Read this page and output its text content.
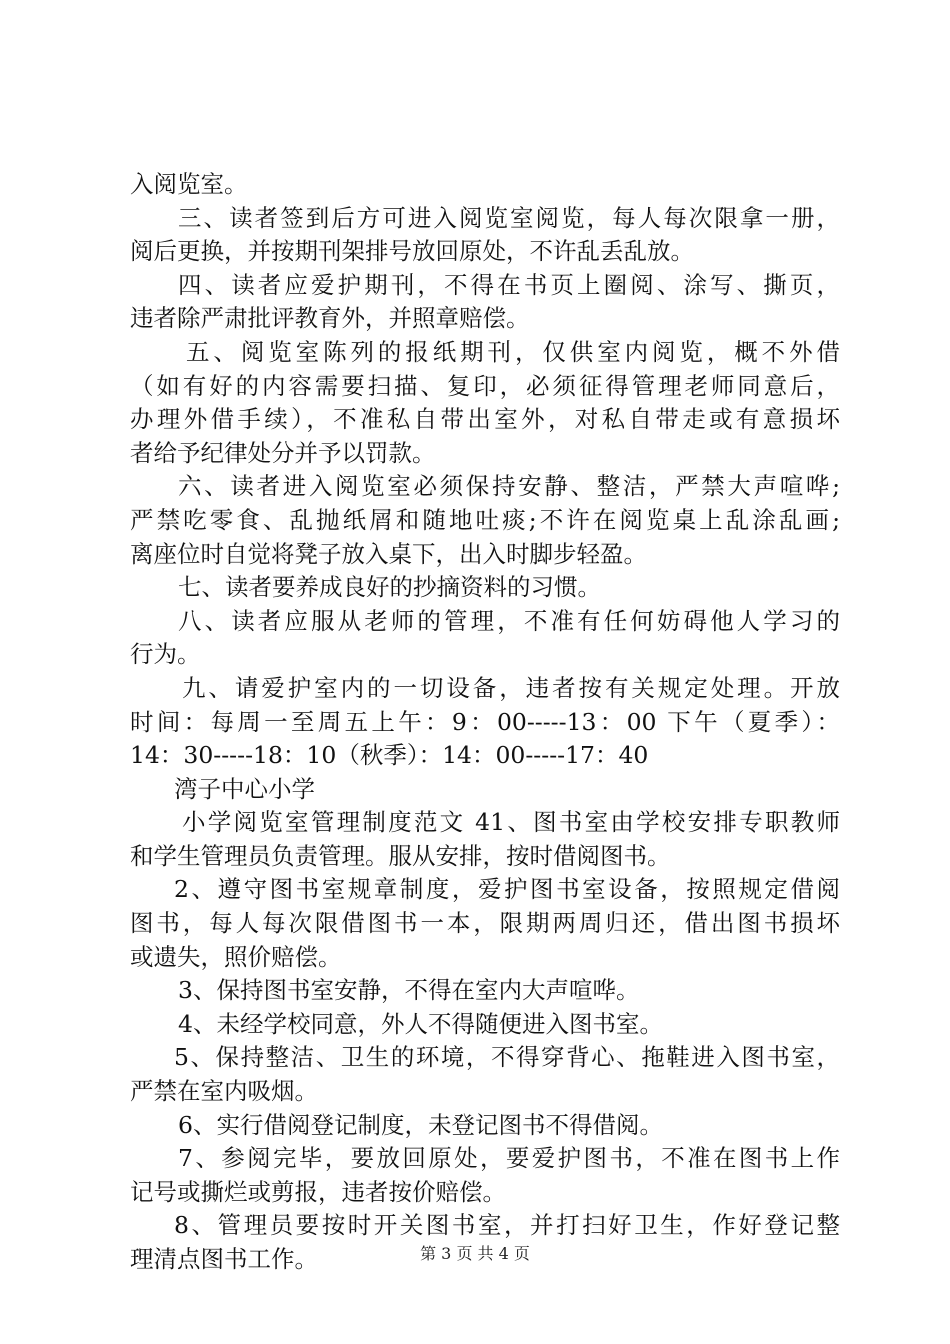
入阅览室。
三、读者签到后方可进入阅览室阅览，每人每次限拿一册，
阅后更换，并按期刊架排号放回原处，不许乱丢乱放。
四、读者应爱护期刊，不得在书页上圈阅、涂写、撕页，
违者除严肃批评教育外，并照章赔偿。
五、阅览室陈列的报纸期刊，仅供室内阅览，概不外借
（如有好的内容需要扫描、复印，必须征得管理老师同意后，
办理外借手续），不准私自带出室外，对私自带走或有意损坏
者给予纪律处分并予以罚款。
六、读者进入阅览室必须保持安静、整洁，严禁大声喧哗;
严禁吃零食、乱抛纸屑和随地吐痰;不许在阅览桌上乱涂乱画;
离座位时自觉将凳子放入桌下，出入时脚步轻盈。
七、读者要养成良好的抄摘资料的习惯。
八、读者应服从老师的管理，不准有任何妨碍他人学习的
行为。
九、请爱护室内的一切设备，违者按有关规定处理。开放
时间：每周一至周五上午：9：00-----13：00 下午（夏季）：
14：30-----18：10（秋季）：14：00-----17：40
湾子中心小学
小学阅览室管理制度范文 41、图书室由学校安排专职教师
和学生管理员负责管理。服从安排，按时借阅图书。
2、遵守图书室规章制度，爱护图书室设备，按照规定借阅
图书，每人每次限借图书一本，限期两周归还，借出图书损坏
或遗失，照价赔偿。
3、保持图书室安静，不得在室内大声喧哗。
4、未经学校同意，外人不得随便进入图书室。
5、保持整洁、卫生的环境，不得穿背心、拖鞋进入图书室，
严禁在室内吸烟。
6、实行借阅登记制度，未登记图书不得借阅。
7、参阅完毕，要放回原处，要爱护图书，不准在图书上作
记号或撕烂或剪报，违者按价赔偿。
8、管理员要按时开关图书室，并打扫好卫生，作好登记整
理清点图书工作。	第 3 页 共 4 页
